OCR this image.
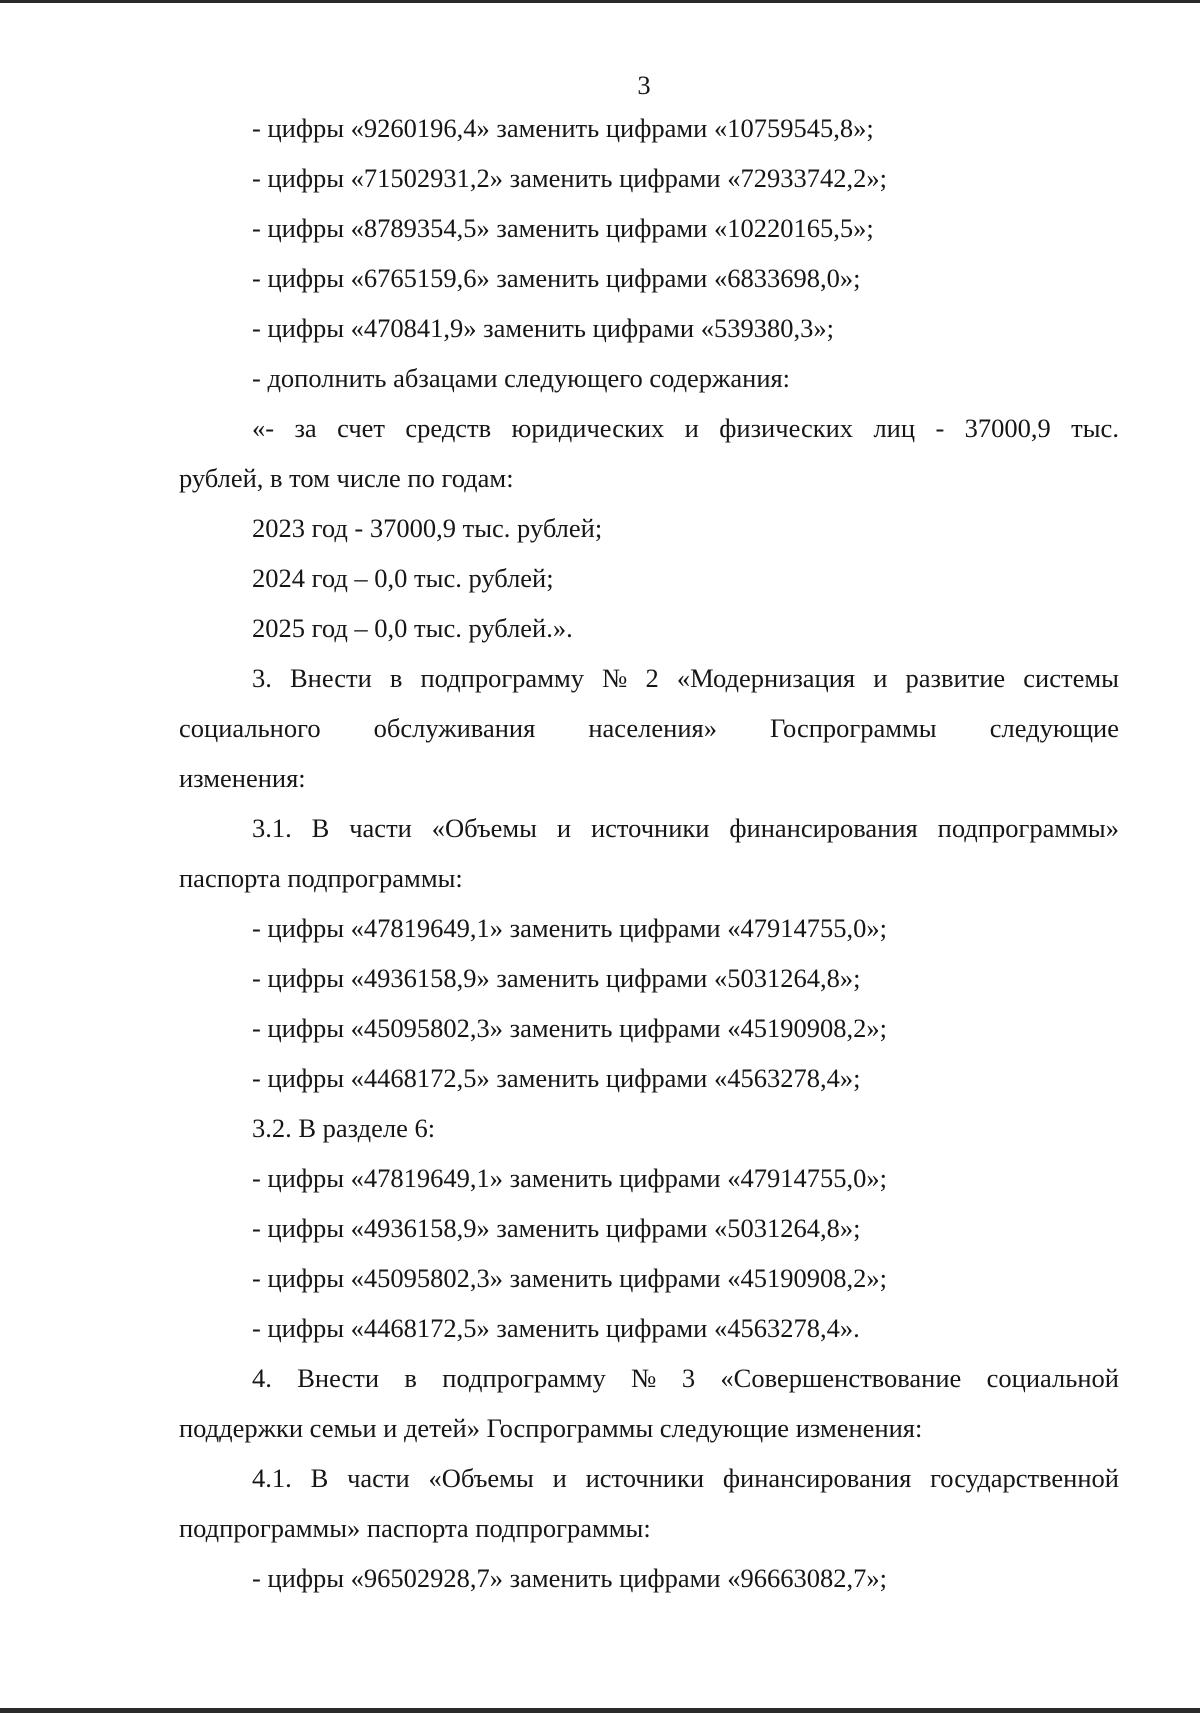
3
- цифры «9260196,4» заменить цифрами «10759545,8»;
- цифры «71502931,2» заменить цифрами «72933742,2»;
- цифры «8789354,5» заменить цифрами «10220165,5»;
- цифры «6765159,6» заменить цифрами «6833698,0»;
- цифры «470841,9» заменить цифрами «539380,3»;
- дополнить абзацами следующего содержания:
«- за счет средств юридических и физических лиц - 37000,9 тыс.
рублей, в том числе по годам:
2023 год - 37000,9 тыс. рублей;
2024 год – 0,0 тыс. рублей;
2025 год – 0,0 тыс. рублей.».
3. Внести в подпрограмму № 2 «Модернизация и развитие системы
социального обслуживания населения» Госпрограммы следующие
изменения:
3.1. В части «Объемы и источники финансирования подпрограммы»
паспорта подпрограммы:
- цифры «47819649,1» заменить цифрами «47914755,0»;
- цифры «4936158,9» заменить цифрами «5031264,8»;
- цифры «45095802,3» заменить цифрами «45190908,2»;
- цифры «4468172,5» заменить цифрами «4563278,4»;
3.2. В разделе 6:
- цифры «47819649,1» заменить цифрами «47914755,0»;
- цифры «4936158,9» заменить цифрами «5031264,8»;
- цифры «45095802,3» заменить цифрами «45190908,2»;
- цифры «4468172,5» заменить цифрами «4563278,4».
4. Внести в подпрограмму № 3 «Совершенствование социальной
поддержки семьи и детей» Госпрограммы следующие изменения:
4.1. В части «Объемы и источники финансирования государственной
подпрограммы» паспорта подпрограммы:
- цифры «96502928,7» заменить цифрами «96663082,7»;
